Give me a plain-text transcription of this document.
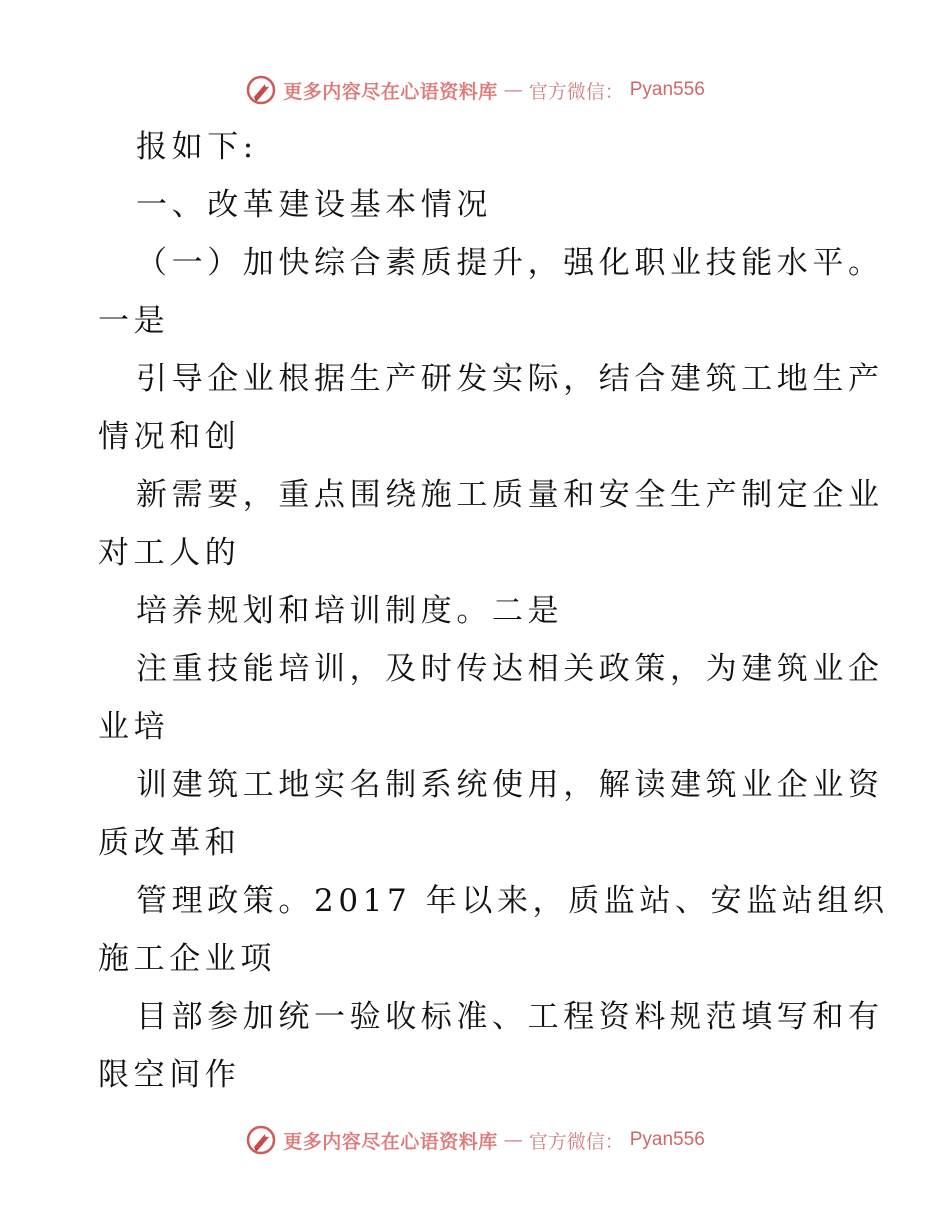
更多内容尽在心语资料库 — 官方微信： Pyan556
报如下:
一、改革建设基本情况
（一）加快综合素质提升，强化职业技能水平。
一是
引导企业根据生产研发实际，结合建筑工地生产
情况和创
新需要，重点围绕施工质量和安全生产制定企业
对工人的
培养规划和培训制度。二是
注重技能培训，及时传达相关政策，为建筑业企
业培
训建筑工地实名制系统使用，解读建筑业企业资
质改革和
管理政策。2017 年以来，质监站、安监站组织
施工企业项
目部参加统一验收标准、工程资料规范填写和有
限空间作
更多内容尽在心语资料库 — 官方微信： Pyan556
